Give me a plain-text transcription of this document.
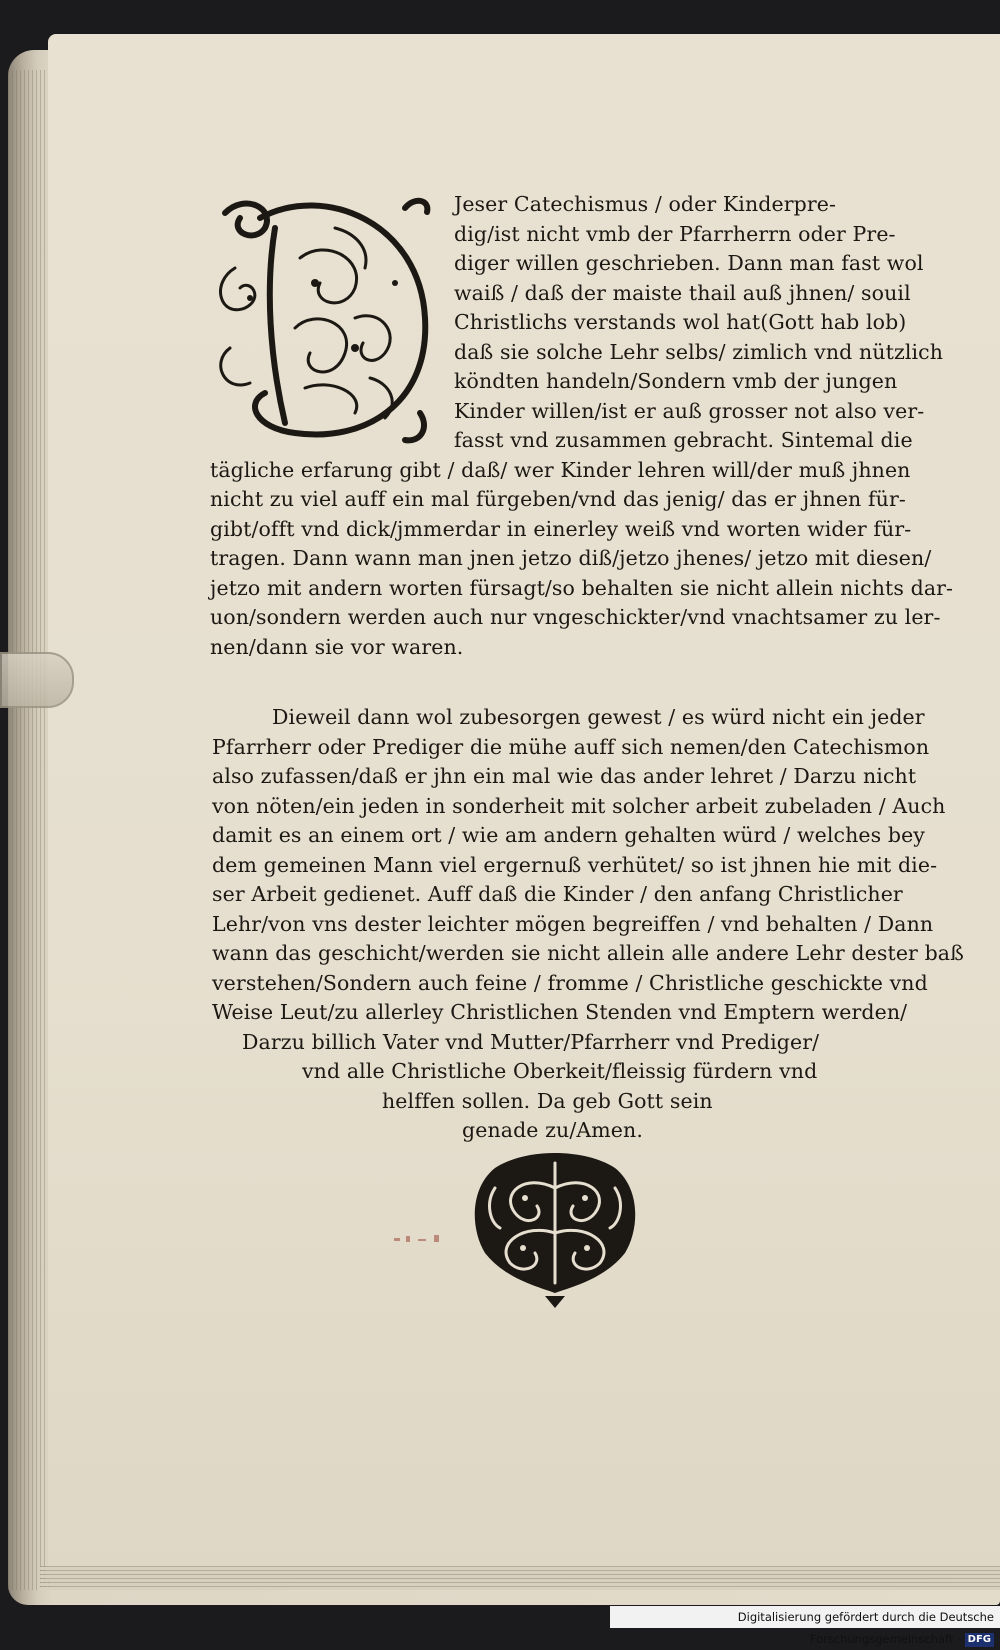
Jeser Catechismus / oder Kinderpre-
dig/ist nicht vmb der Pfarrherrn oder Pre-
diger willen geschrieben. Dann man fast wol
waiß / daß der maiste thail auß jhnen/ souil
Christlichs verstands wol hat(Gott hab lob)
daß sie solche Lehr selbs/ zimlich vnd nützlich
köndten handeln/Sondern vmb der jungen
Kinder willen/ist er auß grosser not also ver-
fasst vnd zusammen gebracht. Sintemal die
tägliche erfarung gibt / daß/ wer Kinder lehren will/der muß jhnen
nicht zu viel auff ein mal fürgeben/vnd das jenig/ das er jhnen für-
gibt/offt vnd dick/jmmerdar in einerley weiß vnd worten wider für-
tragen. Dann wann man jnen jetzo diß/jetzo jhenes/ jetzo mit diesen/
jetzo mit andern worten fürsagt/so behalten sie nicht allein nichts dar-
uon/sondern werden auch nur vngeschickter/vnd vnachtsamer zu ler-
nen/dann sie vor waren.
Dieweil dann wol zubesorgen gewest / es würd nicht ein jeder
Pfarrherr oder Prediger die mühe auff sich nemen/den Catechismon
also zufassen/daß er jhn ein mal wie das ander lehret / Darzu nicht
von nöten/ein jeden in sonderheit mit solcher arbeit zubeladen / Auch
damit es an einem ort / wie am andern gehalten würd / welches bey
dem gemeinen Mann viel ergernuß verhütet/ so ist jhnen hie mit die-
ser Arbeit gedienet. Auff daß die Kinder / den anfang Christlicher
Lehr/von vns dester leichter mögen begreiffen / vnd behalten / Dann
wann das geschicht/werden sie nicht allein alle andere Lehr dester baß
verstehen/Sondern auch feine / fromme / Christliche geschickte vnd
Weise Leut/zu allerley Christlichen Stenden vnd Emptern werden/
Darzu billich Vater vnd Mutter/Pfarrherr vnd Prediger/
vnd alle Christliche Oberkeit/fleissig fürdern vnd
helffen sollen. Da geb Gott sein
genade zu/Amen.
Digitalisierung gefördert durch die Deutsche Forschungsgemeinschaft · DFG
